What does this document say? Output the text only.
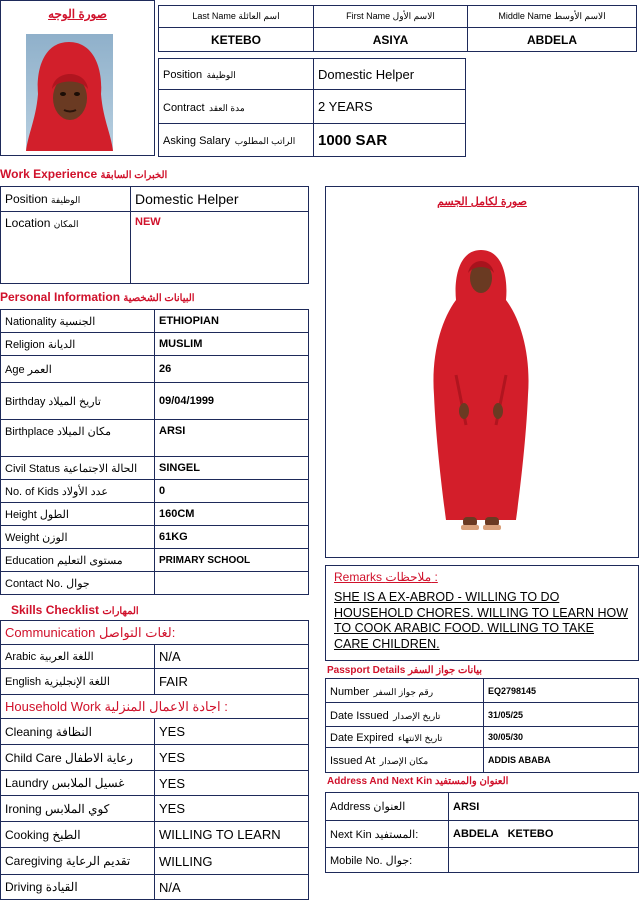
صورة الوجه	Last Name اسم العائلة	First Name الاسم الأول	Middle Name الاسم الأوسط
KETEBO	ASIYA	ABDELA
Position الوظيفة	Domestic Helper
Contract مدة العقد	2 YEARS
Asking Salary الراتب المطلوب	1000 SAR
Work Experience الخبرات السابقة
Position الوظيفة	Domestic Helper
Location المكان	NEW
Personal Information البيانات الشخصية
Nationality الجنسية	ETHIOPIAN
Religion الديانة	MUSLIM
Age العمر	26
Birthday تاريخ الميلاد	09/04/1999
Birthplace مكان الميلاد	ARSI
Civil Status الحالة الاجتماعية	SINGEL
No. of Kids عدد الأولاد	0
Height الطول	160CM
Weight الوزن	61KG
Education مستوى التعليم	PRIMARY SCHOOL
Contact No. جوال	
Skills Checklist المهارات
Communication لغات التواصل:	
Arabic اللغة العربية	N/A
English اللغة الإنجليزية	FAIR
Household Work اجادة الاعمال المنزلية :	
Cleaning النظافة	YES
Child Care رعاية الاطفال	YES
Laundry غسيل الملابس	YES
Ironing كوي الملابس	YES
Cooking الطبخ	WILLING TO LEARN
Caregiving تقديم الرعاية	WILLING
Driving القيادة	N/A
صورة لكامل الجسم
Remarks ملاحظات :
SHE IS A EX-ABROD - WILLING TO DO HOUSEHOLD CHORES. WILLING TO LEARN HOW TO COOK ARABIC FOOD. WILLING TO TAKE CARE CHILDREN.
Passport Details بيانات جواز السفر
Number رقم جواز السفر	EQ2798145
Date Issued تاريخ الإصدار	31/05/25
Date Expired تاريخ الانتهاء	30/05/30
Issued At مكان الإصدار	ADDIS ABABA
Address And Next Kin العنوان والمستفيد
Address العنوان	ARSI
Next Kin المستفيد:	ABDELA   KETEBO
Mobile No. جوال:	
